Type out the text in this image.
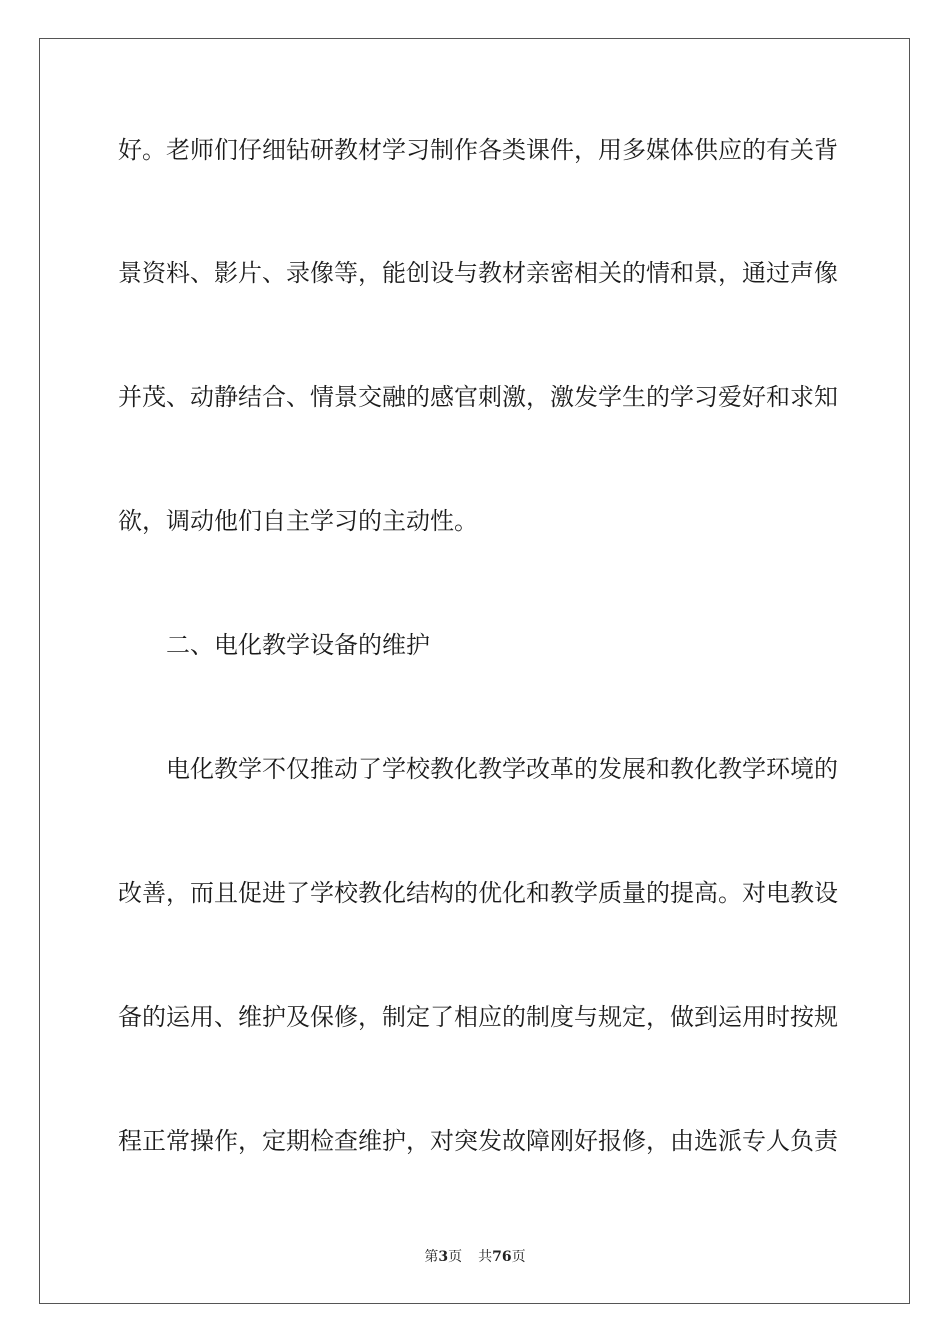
好。老师们仔细钻研教材学习制作各类课件，用多媒体供应的有关背
景资料、影片、录像等，能创设与教材亲密相关的情和景，通过声像
并茂、动静结合、情景交融的感官刺激，激发学生的学习爱好和求知
欲，调动他们自主学习的主动性。
二、电化教学设备的维护
电化教学不仅推动了学校教化教学改革的发展和教化教学环境的
改善，而且促进了学校教化结构的优化和教学质量的提高。对电教设
备的运用、维护及保修，制定了相应的制度与规定，做到运用时按规
程正常操作，定期检查维护，对突发故障刚好报修，由选派专人负责
第3页 共76页
